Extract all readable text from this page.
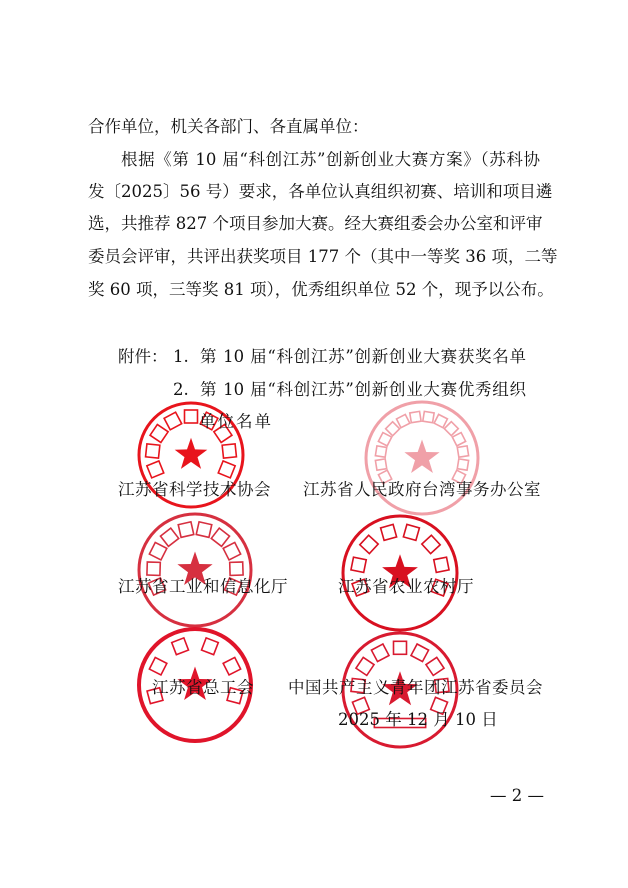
合作单位，机关各部门、各直属单位：
根据《第 10 届“科创江苏”创新创业大赛方案》（苏科协
发〔2025〕56 号）要求，各单位认真组织初赛、培训和项目遴
选，共推荐 827 个项目参加大赛。经大赛组委会办公室和评审
委员会评审，共评出获奖项目 177 个（其中一等奖 36 项，二等
奖 60 项，三等奖 81 项），优秀组织单位 52 个，现予以公布。
附件： 1. 第 10 届“科创江苏”创新创业大赛获奖名单
2. 第 10 届“科创江苏”创新创业大赛优秀组织
单位名单
江苏省科学技术协会 江苏省人民政府台湾事务办公室
江苏省工业和信息化厅	江苏省农业农村厅
江苏省总工会 中国共产主义青年团江苏省委员会
2025 年 12 月 10 日
— 2 —
